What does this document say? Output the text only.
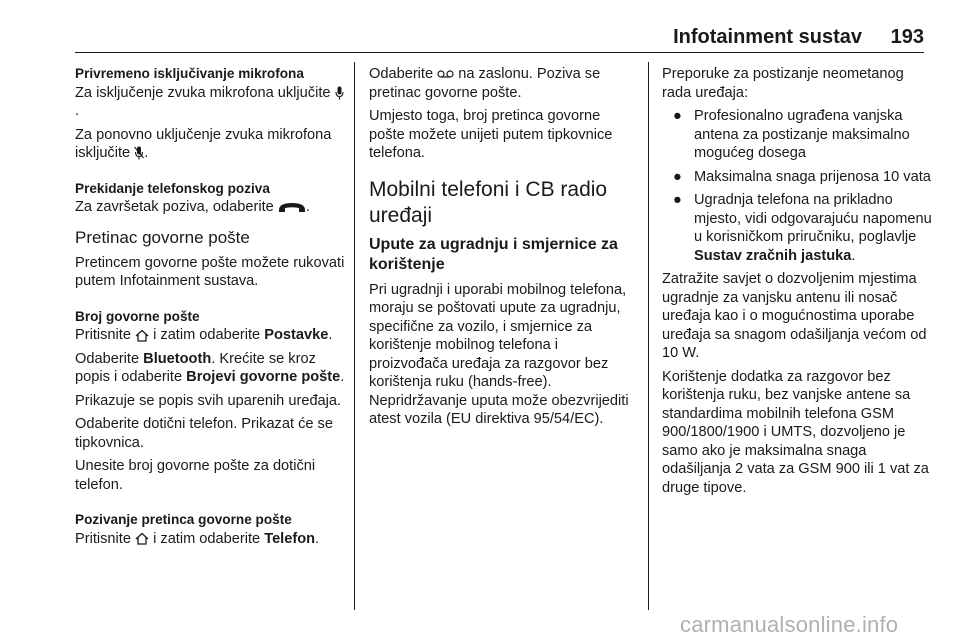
Infotainment sustav 193

Privremeno isključivanje mikrofona

Za isključenje zvuka mikrofona uključite .

Za ponovno uključenje zvuka mikrofona isključite .

Prekidanje telefonskog poziva

Za završetak poziva, odaberite .

Pretinac govorne pošte

Pretincem govorne pošte možete rukovati putem Infotainment sustava.

Broj govorne pošte

Pritisnite i zatim odaberite Postavke.

Odaberite Bluetooth. Krećite se kroz popis i odaberite Brojevi govorne pošte.

Prikazuje se popis svih uparenih uređaja.

Odaberite dotični telefon. Prikazat će se tipkovnica.

Unesite broj govorne pošte za dotični telefon.

Pozivanje pretinca govorne pošte

Pritisnite i zatim odaberite Telefon.

Odaberite na zaslonu. Poziva se pretinac govorne pošte.

Umjesto toga, broj pretinca govorne pošte možete unijeti putem tipkovnice telefona.

Mobilni telefoni i CB radio uređaji
Upute za ugradnju i smjernice za korištenje

Pri ugradnji i uporabi mobilnog telefona, moraju se poštovati upute za ugradnju, specifične za vozilo, i smjernice za korištenje mobilnog telefona i proizvođača uređaja za razgovor bez korištenja ruku (hands-free). Nepridržavanje uputa može obezvrijediti atest vozila (EU direktiva 95/54/EC).

Preporuke za postizanje neometanog rada uređaja:

● Profesionalno ugrađena vanjska antena za postizanje maksimalno mogućeg dosega
● Maksimalna snaga prijenosa 10 vata
● Ugradnja telefona na prikladno mjesto, vidi odgovarajuću napomenu u korisničkom priručniku, poglavlje Sustav zračnih jastuka.

Zatražite savjet o dozvoljenim mjestima ugradnje za vanjsku antenu ili nosač uređaja kao i o mogućnostima uporabe uređaja sa snagom odašiljanja većom od 10 W.

Korištenje dodatka za razgovor bez korištenja ruku, bez vanjske antene sa standardima mobilnih telefona GSM 900/1800/1900 i UMTS, dozvoljeno je samo ako je maksimalna snaga odašiljanja 2 vata za GSM 900 ili 1 vat za druge tipove.

carmanualsonline.info
